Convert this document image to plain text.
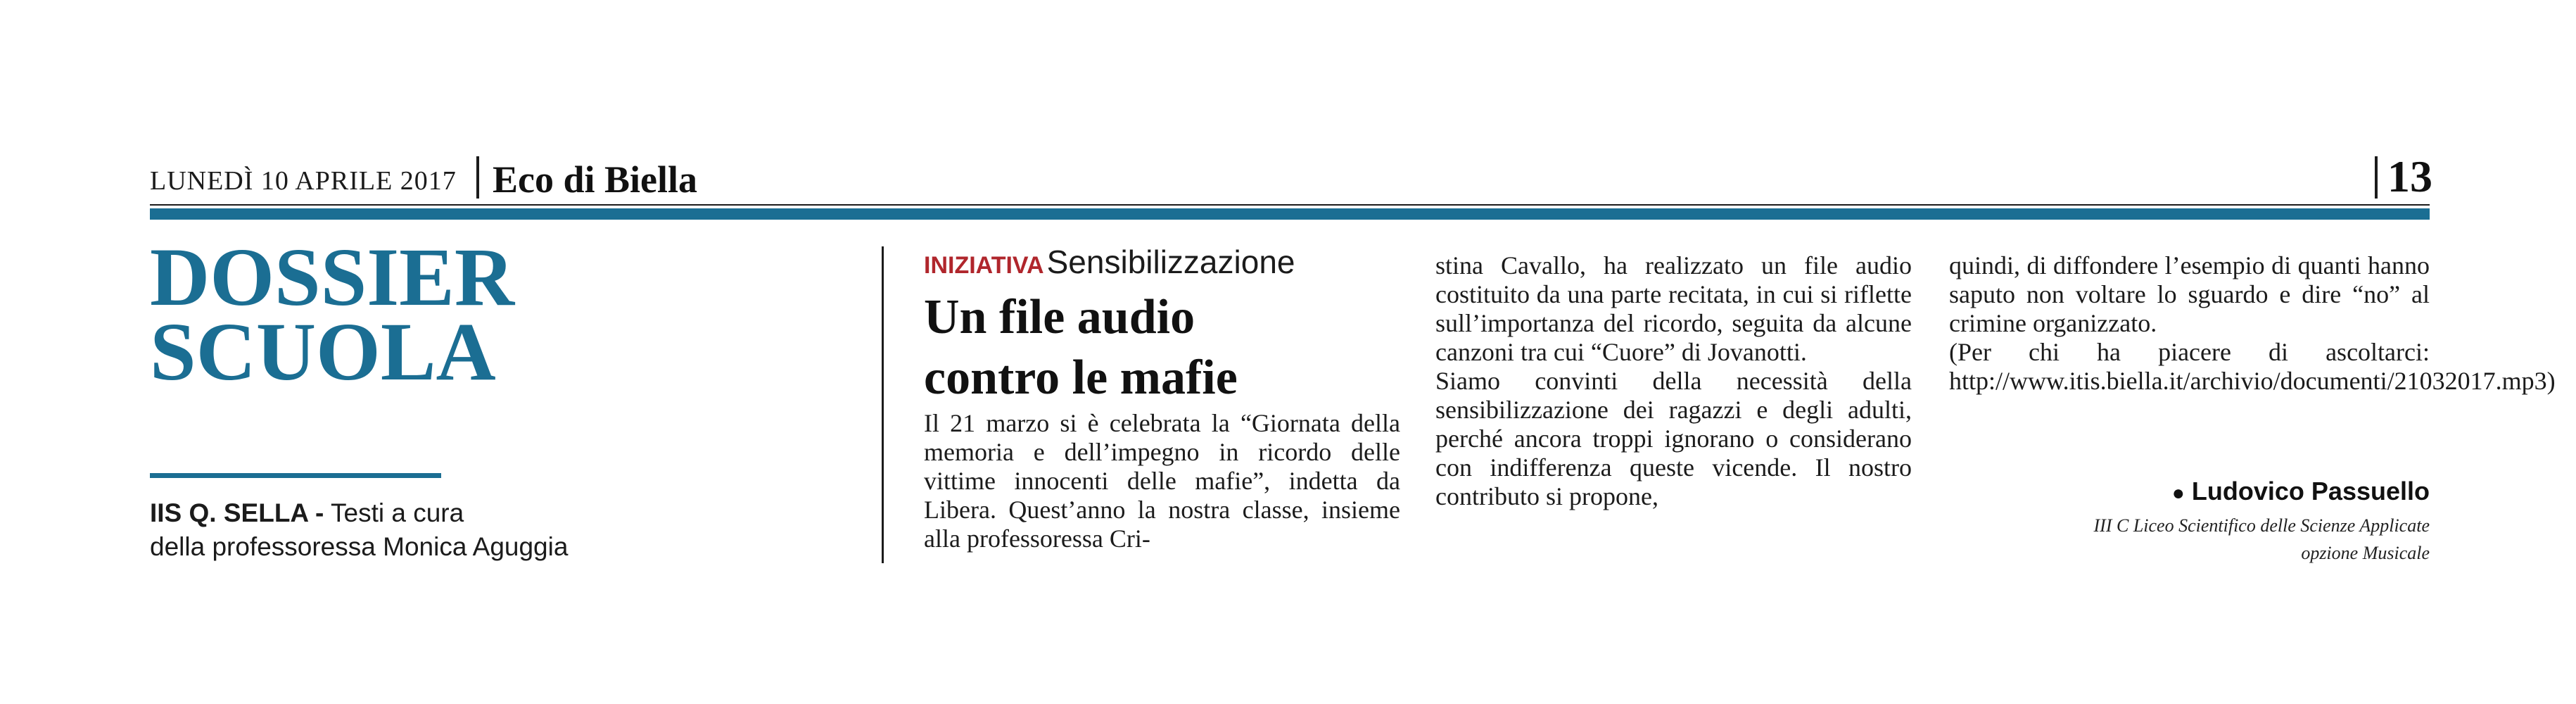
LUNEDÌ 10 APRILE 2017 Eco di Biella	13
DOSSIER
SCUOLA
IIS Q. SELLA - Testi a cura
della professoressa Monica Aguggia
INIZIATIVA Sensibilizzazione
Un file audio
contro le mafie

Il 21 marzo si è celebrata la “Giornata della memoria e dell’impegno in ricordo delle vittime innocenti delle mafie”, indetta da Libera. Quest’anno la nostra classe, insieme alla professoressa Cri-

stina Cavallo, ha realizzato un file audio costituito da una parte recitata, in cui si riflette sull’importanza del ricordo, seguita da alcune canzoni tra cui “Cuore” di Jovanotti.

Siamo convinti della necessità della sensibilizzazione dei ragazzi e degli adulti, perché ancora troppi ignorano o considerano con indifferenza queste vicende. Il nostro contributo si propone,

quindi, di diffondere l’esempio di quanti hanno saputo non voltare lo sguardo e dire “no” al crimine organizzato.

(Per chi ha piacere di ascoltarci: http://www.itis.biella.it/archivio/documenti/21032017.mp3)

● Ludovico Passuello
III C Liceo Scientifico delle Scienze Applicate
opzione Musicale
